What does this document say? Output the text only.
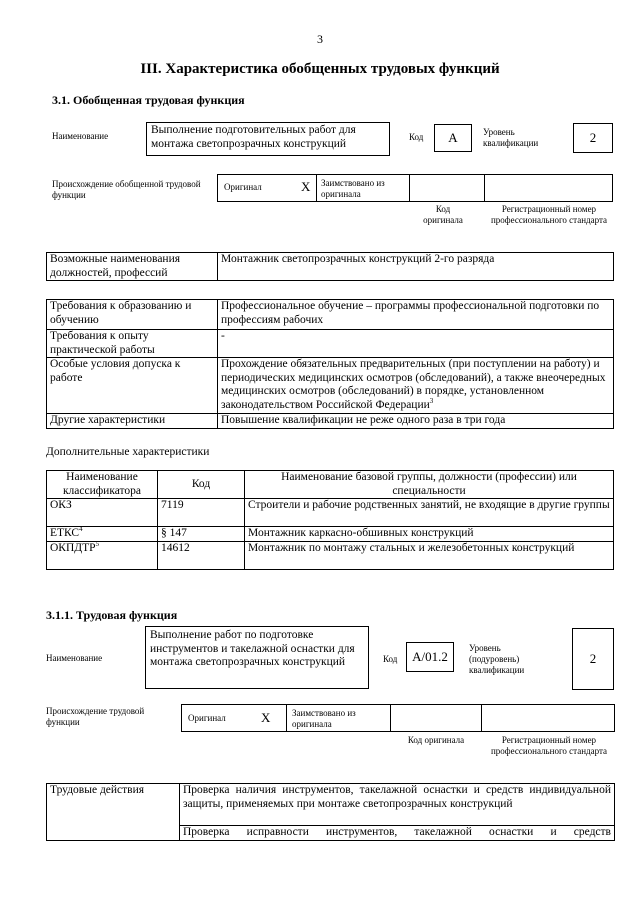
3
III. Характеристика обобщенных трудовых функций
3.1. Обобщенная трудовая функция
Наименование	Выполнение подготовительных работ для монтажа светопрозрачных конструкций
Код	А	Уровень квалификации	2
Происхождение обобщенной трудовой функции
Оригинал	X Заимствовано из оригинала
Код оригинала
Регистрационный номер профессионального стандарта
Возможные наименования должностей, профессий	Монтажник светопрозрачных конструкций 2-го разряда
Требования к образованию и обучению	Профессиональное обучение – программы профессиональной подготовки по профессиям рабочих
Требования к опыту практической работы	-
Особые условия допуска к работе	Прохождение обязательных предварительных (при поступлении на работу) и периодических медицинских осмотров (обследований), а также внеочередных медицинских осмотров (обследований) в порядке, установленном законодательством Российской Федерации$^3$
Другие характеристики	Повышение квалификации не реже одного раза в три года
Дополнительные характеристики
Наименование классификатора	Код	Наименование базовой группы, должности (профессии) или специальности
ОКЗ	7119	Строители и рабочие родственных занятий, не входящие в другие группы
ЕТКС$^4$	§ 147	Монтажник каркасно-обшивных конструкций
ОКПДТР$^5$	14612	Монтажник по монтажу стальных и железобетонных конструкций
3.1.1. Трудовая функция
Наименование
Выполнение работ по подготовке инструментов и такелажной оснастки для монтажа светопрозрачных конструкций	Код	А/01.2
Уровень (подуровень) квалификации
2
Происхождение трудовой функции	Оригинал	X Заимствовано из оригинала
Код оригинала	Регистрационный номер профессионального стандарта
Трудовые действия	Проверка наличия инструментов, такелажной оснастки и средств индивидуальной защиты, применяемых при монтаже светопрозрачных конструкций
Проверка исправности инструментов, такелажной оснастки и средств
